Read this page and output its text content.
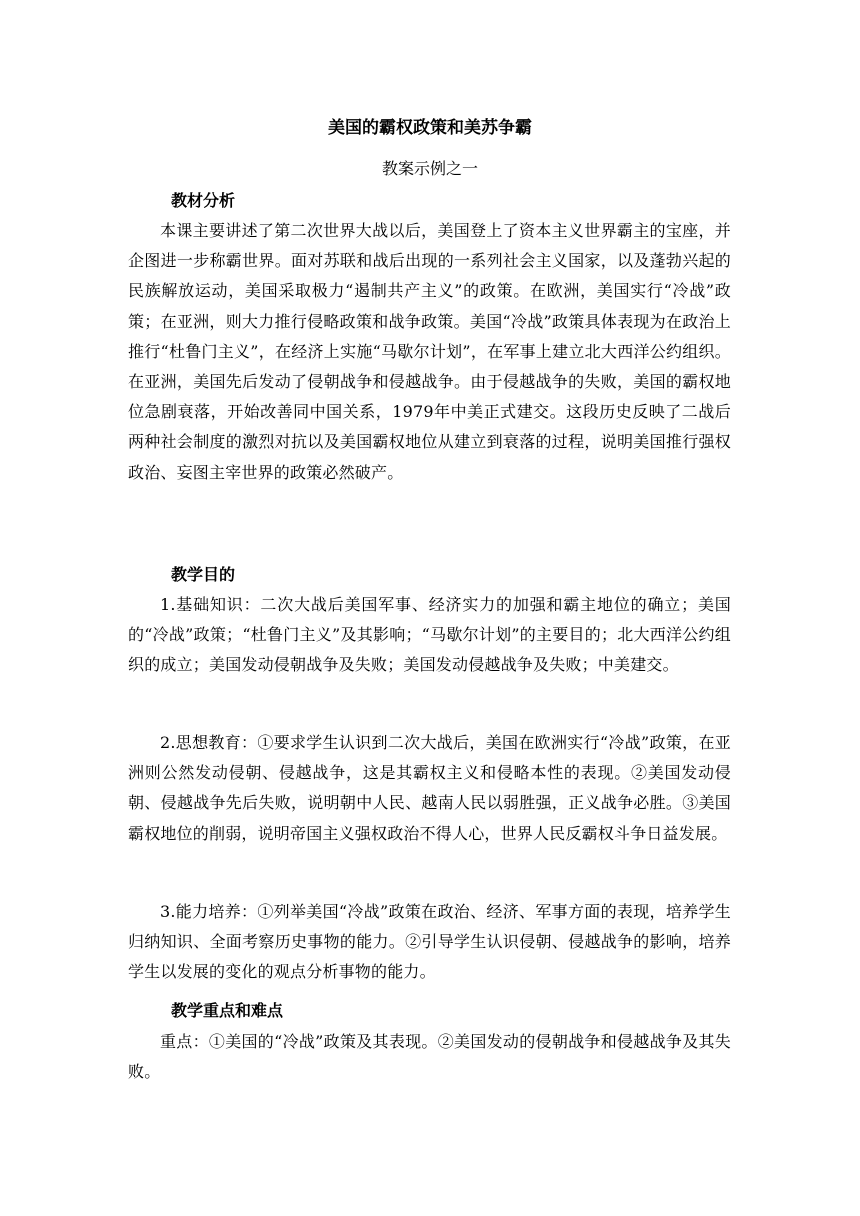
美国的霸权政策和美苏争霸
教案示例之一
教材分析
本课主要讲述了第二次世界大战以后，美国登上了资本主义世界霸主的宝座，并企图进一步称霸世界。面对苏联和战后出现的一系列社会主义国家，以及蓬勃兴起的民族解放运动，美国采取极力“遏制共产主义”的政策。在欧洲，美国实行“冷战”政策；在亚洲，则大力推行侵略政策和战争政策。美国“冷战”政策具体表现为在政治上推行“杜鲁门主义”，在经济上实施“马歇尔计划”，在军事上建立北大西洋公约组织。在亚洲，美国先后发动了侵朝战争和侵越战争。由于侵越战争的失败，美国的霸权地位急剧衰落，开始改善同中国关系，1979年中美正式建交。这段历史反映了二战后两种社会制度的激烈对抗以及美国霸权地位从建立到衰落的过程，说明美国推行强权政治、妄图主宰世界的政策必然破产。
教学目的
1.基础知识：二次大战后美国军事、经济实力的加强和霸主地位的确立；美国的“冷战”政策；“杜鲁门主义”及其影响；“马歇尔计划”的主要目的；北大西洋公约组织的成立；美国发动侵朝战争及失败；美国发动侵越战争及失败；中美建交。
2.思想教育：①要求学生认识到二次大战后，美国在欧洲实行“冷战”政策，在亚洲则公然发动侵朝、侵越战争，这是其霸权主义和侵略本性的表现。②美国发动侵朝、侵越战争先后失败，说明朝中人民、越南人民以弱胜强，正义战争必胜。③美国霸权地位的削弱，说明帝国主义强权政治不得人心，世界人民反霸权斗争日益发展。
3.能力培养：①列举美国“冷战”政策在政治、经济、军事方面的表现，培养学生归纳知识、全面考察历史事物的能力。②引导学生认识侵朝、侵越战争的影响，培养学生以发展的变化的观点分析事物的能力。
教学重点和难点
重点：①美国的“冷战”政策及其表现。②美国发动的侵朝战争和侵越战争及其失败。
